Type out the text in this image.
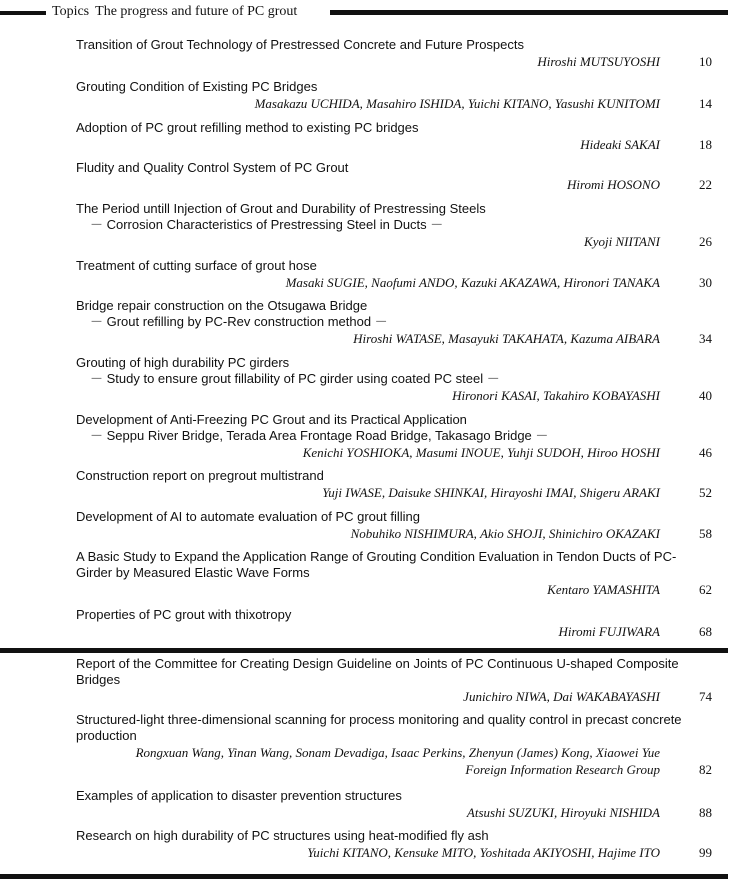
Topics The progress and future of PC grout
Transition of Grout Technology of Prestressed Concrete and Future Prospects
Hiroshi MUTSUYOSHI	10
Grouting Condition of Existing PC Bridges
Masakazu UCHIDA, Masahiro ISHIDA, Yuichi KITANO, Yasushi KUNITOMI	14
Adoption of PC grout refilling method to existing PC bridges
Hideaki SAKAI	18
Fludity and Quality Control System of PC Grout
Hiromi HOSONO	22
The Period untill Injection of Grout and Durability of Prestressing Steels
－ Corrosion Characteristics of Prestressing Steel in Ducts －
Kyoji NIITANI	26
Treatment of cutting surface of grout hose
Masaki SUGIE, Naofumi ANDO, Kazuki AKAZAWA, Hironori TANAKA	30
Bridge repair construction on the Otsugawa Bridge
－ Grout refilling by PC-Rev construction method －
Hiroshi WATASE, Masayuki TAKAHATA, Kazuma AIBARA	34
Grouting of high durability PC girders
－ Study to ensure grout fillability of PC girder using coated PC steel －
Hironori KASAI, Takahiro KOBAYASHI	40
Development of Anti-Freezing PC Grout and its Practical Application
－ Seppu River Bridge, Terada Area Frontage Road Bridge, Takasago Bridge －
Kenichi YOSHIOKA, Masumi INOUE, Yuhji SUDOH, Hiroo HOSHI	46
Construction report on pregrout multistrand
Yuji IWASE, Daisuke SHINKAI, Hirayoshi IMAI, Shigeru ARAKI	52
Development of AI to automate evaluation of PC grout filling
Nobuhiko NISHIMURA, Akio SHOJI, Shinichiro OKAZAKI	58
A Basic Study to Expand the Application Range of Grouting Condition Evaluation in Tendon Ducts of PC-Girder by Measured Elastic Wave Forms
Kentaro YAMASHITA	62
Properties of PC grout with thixotropy
Hiromi FUJIWARA	68
Report of the Committee for Creating Design Guideline on Joints of PC Continuous U-shaped Composite Bridges
Junichiro NIWA, Dai WAKABAYASHI	74
Structured-light three-dimensional scanning for process monitoring and quality control in precast concrete production
Rongxuan Wang, Yinan Wang, Sonam Devadiga, Isaac Perkins, Zhenyun (James) Kong, Xiaowei Yue
Foreign Information Research Group	82
Examples of application to disaster prevention structures
Atsushi SUZUKI, Hiroyuki NISHIDA	88
Research on high durability of PC structures using heat-modified fly ash
Yuichi KITANO, Kensuke MITO, Yoshitada AKIYOSHI, Hajime ITO	99
